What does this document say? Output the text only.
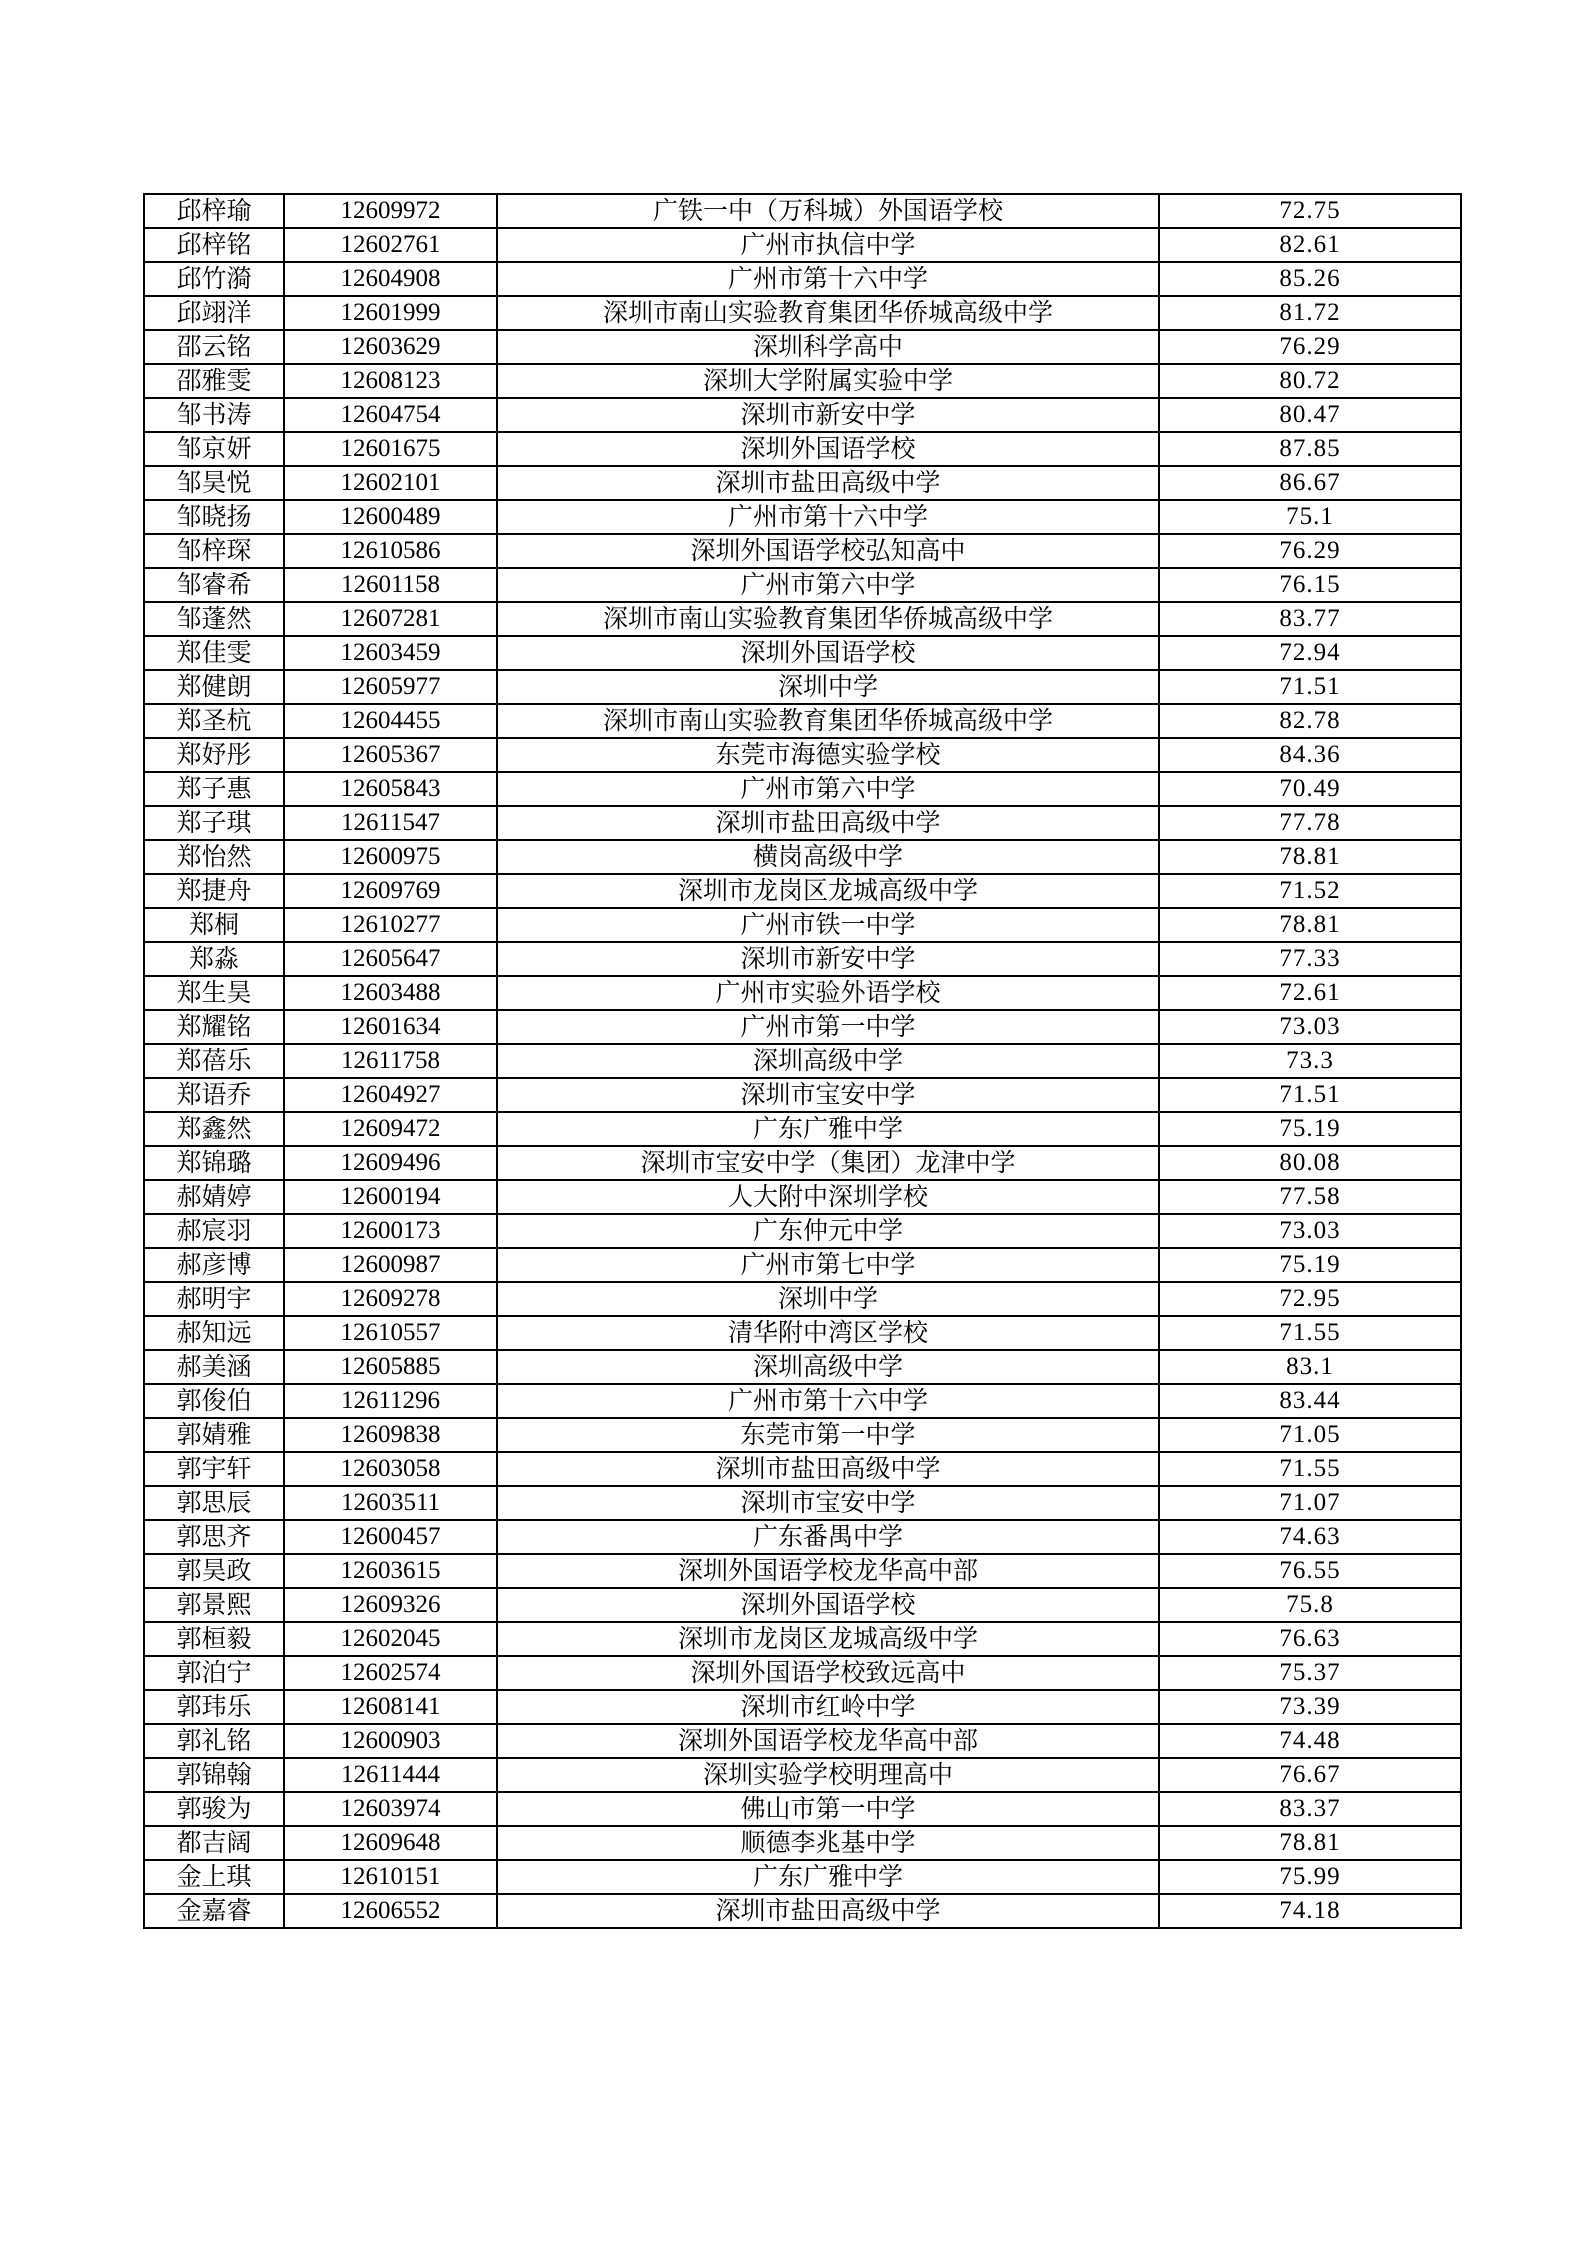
邱梓瑜	12609972	广铁一中（万科城）外国语学校	72.75
邱梓铭	12602761	广州市执信中学	82.61
邱竹漪	12604908	广州市第十六中学	85.26
邱翊洋	12601999	深圳市南山实验教育集团华侨城高级中学	81.72
邵云铭	12603629	深圳科学高中	76.29
邵雅雯	12608123	深圳大学附属实验中学	80.72
邹书涛	12604754	深圳市新安中学	80.47
邹京妍	12601675	深圳外国语学校	87.85
邹昊悦	12602101	深圳市盐田高级中学	86.67
邹晓扬	12600489	广州市第十六中学	75.1
邹梓琛	12610586	深圳外国语学校弘知高中	76.29
邹睿希	12601158	广州市第六中学	76.15
邹蓬然	12607281	深圳市南山实验教育集团华侨城高级中学	83.77
郑佳雯	12603459	深圳外国语学校	72.94
郑健朗	12605977	深圳中学	71.51
郑圣杭	12604455	深圳市南山实验教育集团华侨城高级中学	82.78
郑妤彤	12605367	东莞市海德实验学校	84.36
郑子惠	12605843	广州市第六中学	70.49
郑子琪	12611547	深圳市盐田高级中学	77.78
郑怡然	12600975	横岗高级中学	78.81
郑捷舟	12609769	深圳市龙岗区龙城高级中学	71.52
郑桐	12610277	广州市铁一中学	78.81
郑淼	12605647	深圳市新安中学	77.33
郑生昊	12603488	广州市实验外语学校	72.61
郑耀铭	12601634	广州市第一中学	73.03
郑蓓乐	12611758	深圳高级中学	73.3
郑语乔	12604927	深圳市宝安中学	71.51
郑鑫然	12609472	广东广雅中学	75.19
郑锦璐	12609496	深圳市宝安中学（集团）龙津中学	80.08
郝婧婷	12600194	人大附中深圳学校	77.58
郝宸羽	12600173	广东仲元中学	73.03
郝彦博	12600987	广州市第七中学	75.19
郝明宇	12609278	深圳中学	72.95
郝知远	12610557	清华附中湾区学校	71.55
郝美涵	12605885	深圳高级中学	83.1
郭俊伯	12611296	广州市第十六中学	83.44
郭婧雅	12609838	东莞市第一中学	71.05
郭宇轩	12603058	深圳市盐田高级中学	71.55
郭思辰	12603511	深圳市宝安中学	71.07
郭思齐	12600457	广东番禺中学	74.63
郭昊政	12603615	深圳外国语学校龙华高中部	76.55
郭景熙	12609326	深圳外国语学校	75.8
郭桓毅	12602045	深圳市龙岗区龙城高级中学	76.63
郭泊宁	12602574	深圳外国语学校致远高中	75.37
郭玮乐	12608141	深圳市红岭中学	73.39
郭礼铭	12600903	深圳外国语学校龙华高中部	74.48
郭锦翰	12611444	深圳实验学校明理高中	76.67
郭骏为	12603974	佛山市第一中学	83.37
都吉阔	12609648	顺德李兆基中学	78.81
金上琪	12610151	广东广雅中学	75.99
金嘉睿	12606552	深圳市盐田高级中学	74.18
